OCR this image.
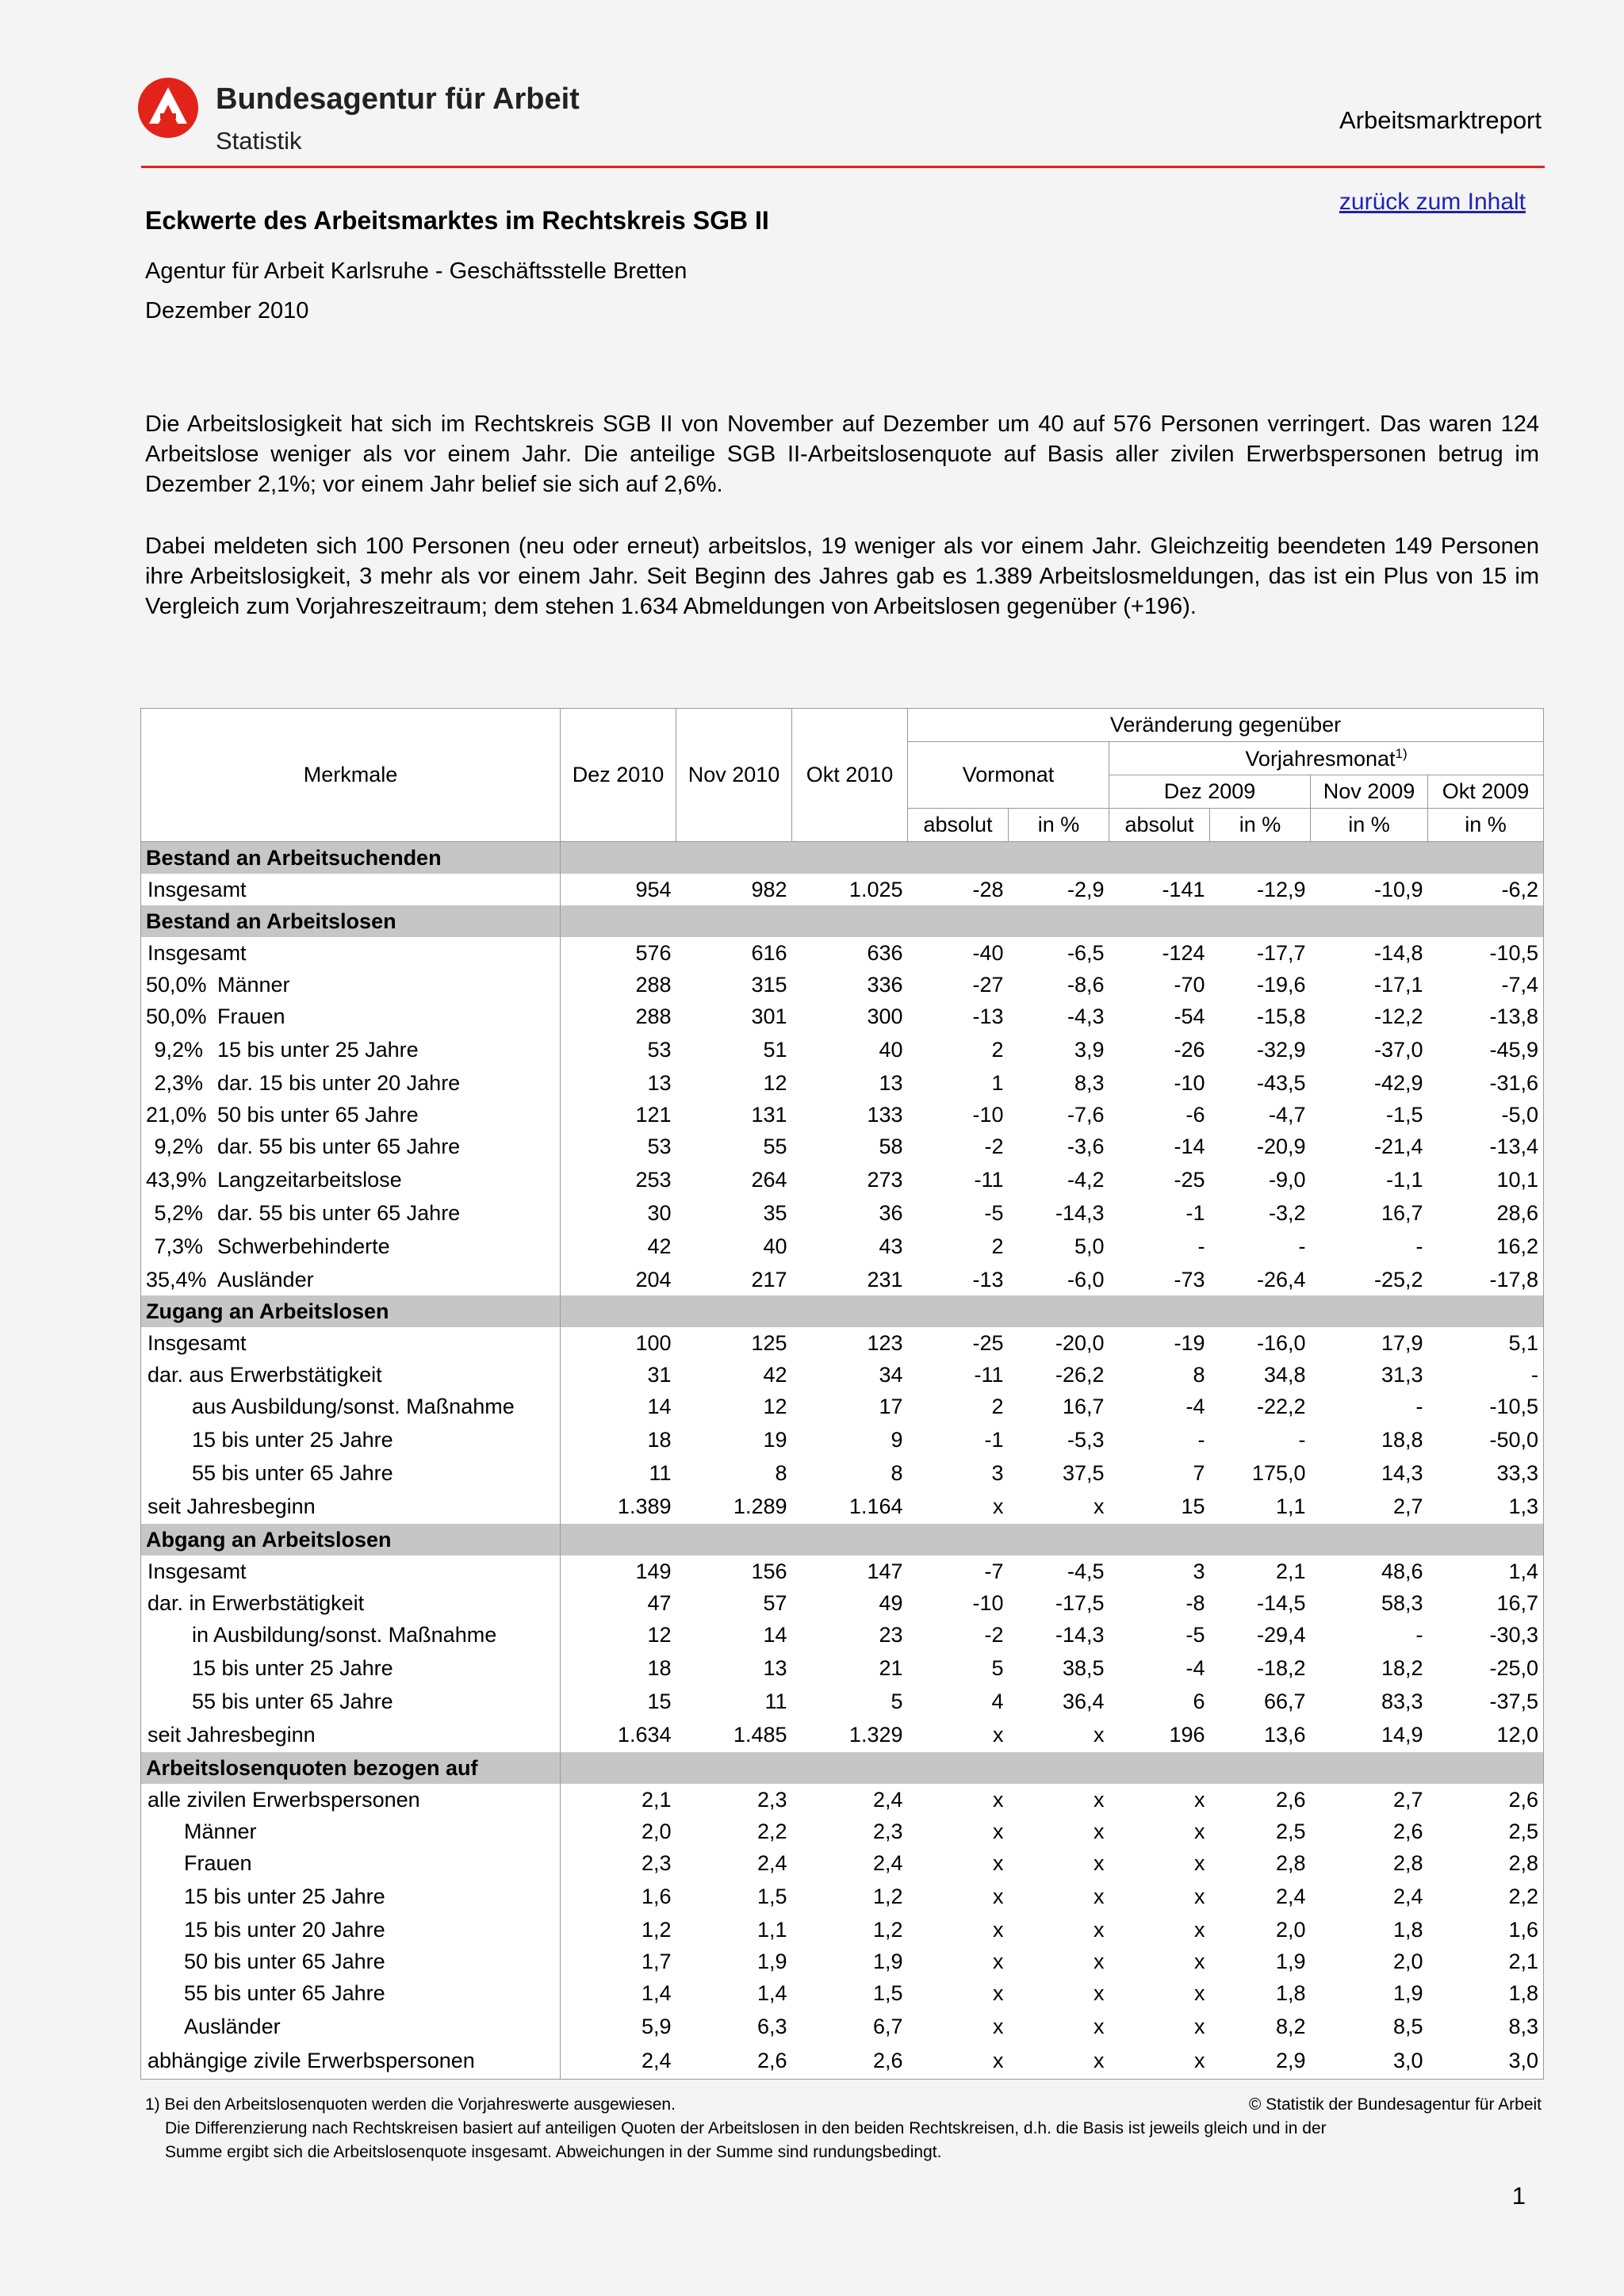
Bundesagentur für Arbeit
Statistik
Arbeitsmarktreport
zurück zum Inhalt
Eckwerte des Arbeitsmarktes im Rechtskreis SGB II
Agentur für Arbeit Karlsruhe - Geschäftsstelle Bretten
Dezember 2010

Die Arbeitslosigkeit hat sich im Rechtskreis SGB II von November auf Dezember um 40 auf 576 Personen verringert. Das waren 124 Arbeitslose weniger als vor einem Jahr. Die anteilige SGB II-Arbeitslosenquote auf Basis aller zivilen Erwerbspersonen betrug im Dezember 2,1%; vor einem Jahr belief sie sich auf 2,6%.

Dabei meldeten sich 100 Personen (neu oder erneut) arbeitslos, 19 weniger als vor einem Jahr. Gleichzeitig beendeten 149 Personen ihre Arbeitslosigkeit, 3 mehr als vor einem Jahr. Seit Beginn des Jahres gab es 1.389 Arbeitslosmeldungen, das ist ein Plus von 15 im Vergleich zum Vorjahreszeitraum; dem stehen 1.634 Abmeldungen von Arbeitslosen gegenüber (+196).

Merkmale	Dez 2010	Nov 2010	Okt 2010	Veränderung gegenüber					
				Vormonat		Vorjahresmonat$^{1)}$
						Dez 2009		Nov 2009	Okt 2009
				absolut	in %	absolut	in %	in %	in %
Bestand an Arbeitsuchenden									
Insgesamt	954	982	1.025	-28	-2,9	-141	-12,9	-10,9	-6,2
Bestand an Arbeitslosen									
Insgesamt	576	616	636	-40	-6,5	-124	-17,7	-14,8	-10,5
50,0% Männer	288	315	336	-27	-8,6	-70	-19,6	-17,1	-7,4
50,0% Frauen	288	301	300	-13	-4,3	-54	-15,8	-12,2	-13,8
9,2% 15 bis unter 25 Jahre	53	51	40	2	3,9	-26	-32,9	-37,0	-45,9
2,3% dar. 15 bis unter 20 Jahre	13	12	13	1	8,3	-10	-43,5	-42,9	-31,6
21,0% 50 bis unter 65 Jahre	121	131	133	-10	-7,6	-6	-4,7	-1,5	-5,0
9,2% dar. 55 bis unter 65 Jahre	53	55	58	-2	-3,6	-14	-20,9	-21,4	-13,4
43,9% Langzeitarbeitslose	253	264	273	-11	-4,2	-25	-9,0	-1,1	10,1
5,2% dar. 55 bis unter 65 Jahre	30	35	36	-5	-14,3	-1	-3,2	16,7	28,6
7,3% Schwerbehinderte	42	40	43	2	5,0	-	-	-	16,2
35,4% Ausländer	204	217	231	-13	-6,0	-73	-26,4	-25,2	-17,8
Zugang an Arbeitslosen									
Insgesamt	100	125	123	-25	-20,0	-19	-16,0	17,9	5,1
dar. aus Erwerbstätigkeit	31	42	34	-11	-26,2	8	34,8	31,3	-
aus Ausbildung/sonst. Maßnahme	14	12	17	2	16,7	-4	-22,2	-	-10,5
15 bis unter 25 Jahre	18	19	9	-1	-5,3	-	-	18,8	-50,0
55 bis unter 65 Jahre	11	8	8	3	37,5	7	175,0	14,3	33,3
seit Jahresbeginn	1.389	1.289	1.164	x	x	15	1,1	2,7	1,3
Abgang an Arbeitslosen									
Insgesamt	149	156	147	-7	-4,5	3	2,1	48,6	1,4
dar. in Erwerbstätigkeit	47	57	49	-10	-17,5	-8	-14,5	58,3	16,7
in Ausbildung/sonst. Maßnahme	12	14	23	-2	-14,3	-5	-29,4	-	-30,3
15 bis unter 25 Jahre	18	13	21	5	38,5	-4	-18,2	18,2	-25,0
55 bis unter 65 Jahre	15	11	5	4	36,4	6	66,7	83,3	-37,5
seit Jahresbeginn	1.634	1.485	1.329	x	x	196	13,6	14,9	12,0
Arbeitslosenquoten bezogen auf									
alle zivilen Erwerbspersonen	2,1	2,3	2,4	x	x	x	2,6	2,7	2,6
Männer	2,0	2,2	2,3	x	x	x	2,5	2,6	2,5
Frauen	2,3	2,4	2,4	x	x	x	2,8	2,8	2,8
15 bis unter 25 Jahre	1,6	1,5	1,2	x	x	x	2,4	2,4	2,2
15 bis unter 20 Jahre	1,2	1,1	1,2	x	x	x	2,0	1,8	1,6
50 bis unter 65 Jahre	1,7	1,9	1,9	x	x	x	1,9	2,0	2,1
55 bis unter 65 Jahre	1,4	1,4	1,5	x	x	x	1,8	1,9	1,8
Ausländer	5,9	6,3	6,7	x	x	x	8,2	8,5	8,3
abhängige zivile Erwerbspersonen	2,4	2,6	2,6	x	x	x	2,9	3,0	3,0
1) Bei den Arbeitslosenquoten werden die Vorjahreswerte ausgewiesen.	© Statistik der Bundesagentur für Arbeit
Die Differenzierung nach Rechtskreisen basiert auf anteiligen Quoten der Arbeitslosen in den beiden Rechtskreisen, d.h. die Basis ist jeweils gleich und in der
Summe ergibt sich die Arbeitslosenquote insgesamt. Abweichungen in der Summe sind rundungsbedingt.
1
